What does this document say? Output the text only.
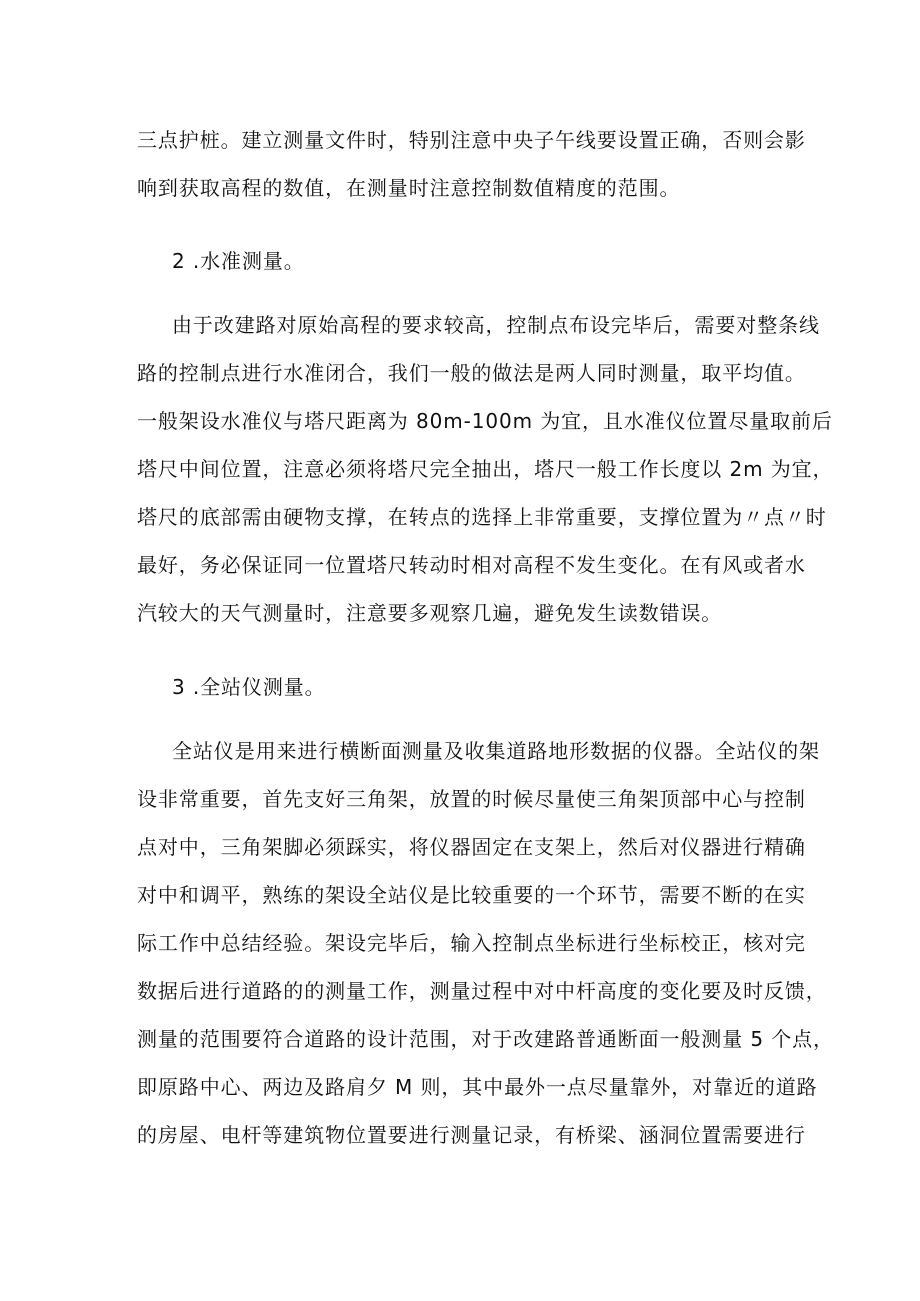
三点护桩。建立测量文件时，特别注意中央子午线要设置正确，否则会影
响到获取高程的数值，在测量时注意控制数值精度的范围。
2 .水准测量。
由于改建路对原始高程的要求较高，控制点布设完毕后，需要对整条线
路的控制点进行水准闭合，我们一般的做法是两人同时测量，取平均值。
一般架设水准仪与塔尺距离为 80m-100m 为宜，且水准仪位置尽量取前后
塔尺中间位置，注意必须将塔尺完全抽出，塔尺一般工作长度以 2m 为宜，
塔尺的底部需由硬物支撑，在转点的选择上非常重要，支撑位置为〃点〃时
最好，务必保证同一位置塔尺转动时相对高程不发生变化。在有风或者水
汽较大的天气测量时，注意要多观察几遍，避免发生读数错误。
3 .全站仪测量。
全站仪是用来进行横断面测量及收集道路地形数据的仪器。全站仪的架
设非常重要，首先支好三角架，放置的时候尽量使三角架顶部中心与控制
点对中，三角架脚必须踩实，将仪器固定在支架上，然后对仪器进行精确
对中和调平，熟练的架设全站仪是比较重要的一个环节，需要不断的在实
际工作中总结经验。架设完毕后，输入控制点坐标进行坐标校正，核对完
数据后进行道路的的测量工作，测量过程中对中杆高度的变化要及时反馈，
测量的范围要符合道路的设计范围，对于改建路普通断面一般测量 5 个点，
即原路中心、两边及路肩夕 M 则，其中最外一点尽量靠外，对靠近的道路
的房屋、电杆等建筑物位置要进行测量记录，有桥梁、涵洞位置需要进行
